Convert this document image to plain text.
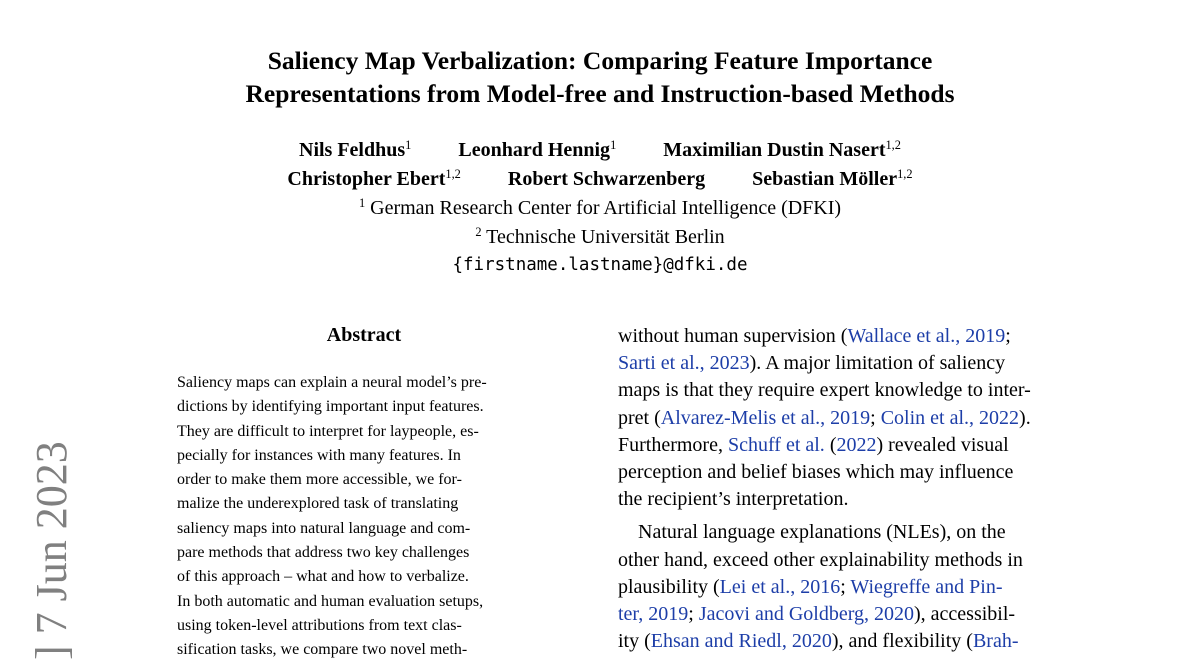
Saliency Map Verbalization: Comparing Feature Importance
Representations from Model-free and Instruction-based Methods
Nils Feldhus$^1$ Leonhard Hennig$^1$ Maximilian Dustin Nasert$^{1,2}$
Christopher Ebert$^{1,2}$ Robert Schwarzenberg Sebastian Möller$^{1,2}$
$^1$ German Research Center for Artificial Intelligence (DFKI)
$^2$ Technische Universität Berlin
{firstname.lastname}@dfki.de
Abstract

Saliency maps can explain a neural model’s pre-
dictions by identifying important input features.
They are difficult to interpret for laypeople, es-
pecially for instances with many features. In
order to make them more accessible, we for-
malize the underexplored task of translating
saliency maps into natural language and com-
pare methods that address two key challenges
of this approach – what and how to verbalize.
In both automatic and human evaluation setups,
using token-level attributions from text clas-
sification tasks, we compare two novel meth-

without human supervision (Wallace et al., 2019;
Sarti et al., 2023). A major limitation of saliency
maps is that they require expert knowledge to inter-
pret (Alvarez-Melis et al., 2019; Colin et al., 2022).
Furthermore, Schuff et al. (2022) revealed visual
perception and belief biases which may influence
the recipient’s interpretation.
 Natural language explanations (NLEs), on the
other hand, exceed other explainability methods in
plausibility (Lei et al., 2016; Wiegreffe and Pin-
ter, 2019; Jacovi and Goldberg, 2020), accessibil-
ity (Ehsan and Riedl, 2020), and flexibility (Brah-
] 7 Jun 2023
